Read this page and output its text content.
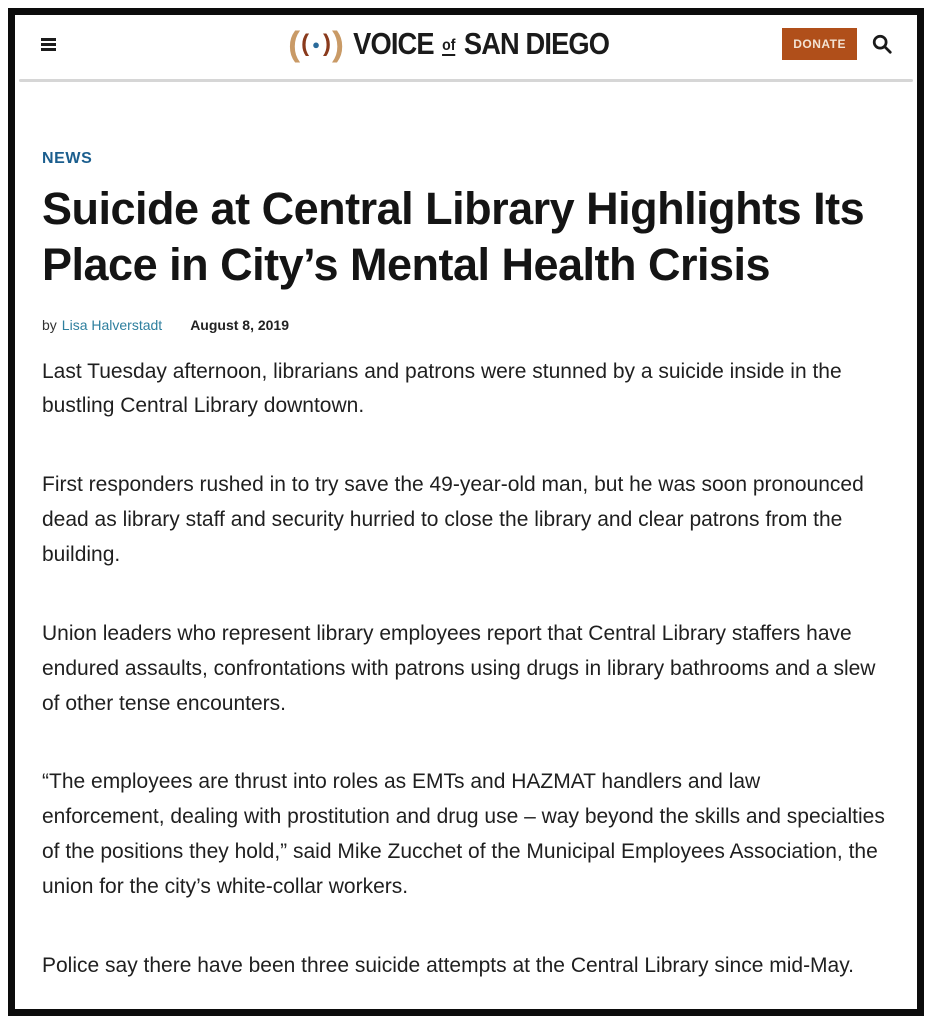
( ( ● ) ) VOICE of SAN DIEGO	DONATE
NEWS
Suicide at Central Library Highlights Its Place in City’s Mental Health Crisis
by Lisa Halverstadt August 8, 2019

Last Tuesday afternoon, librarians and patrons were stunned by a suicide inside in the bustling Central Library downtown.

First responders rushed in to try save the 49-year-old man, but he was soon pronounced dead as library staff and security hurried to close the library and clear patrons from the building.

Union leaders who represent library employees report that Central Library staffers have endured assaults, confrontations with patrons using drugs in library bathrooms and a slew of other tense encounters.

“The employees are thrust into roles as EMTs and HAZMAT handlers and law enforcement, dealing with prostitution and drug use – way beyond the skills and specialties of the positions they hold,” said Mike Zucchet of the Municipal Employees Association, the union for the city’s white-collar workers.

Police say there have been three suicide attempts at the Central Library since mid-May.
